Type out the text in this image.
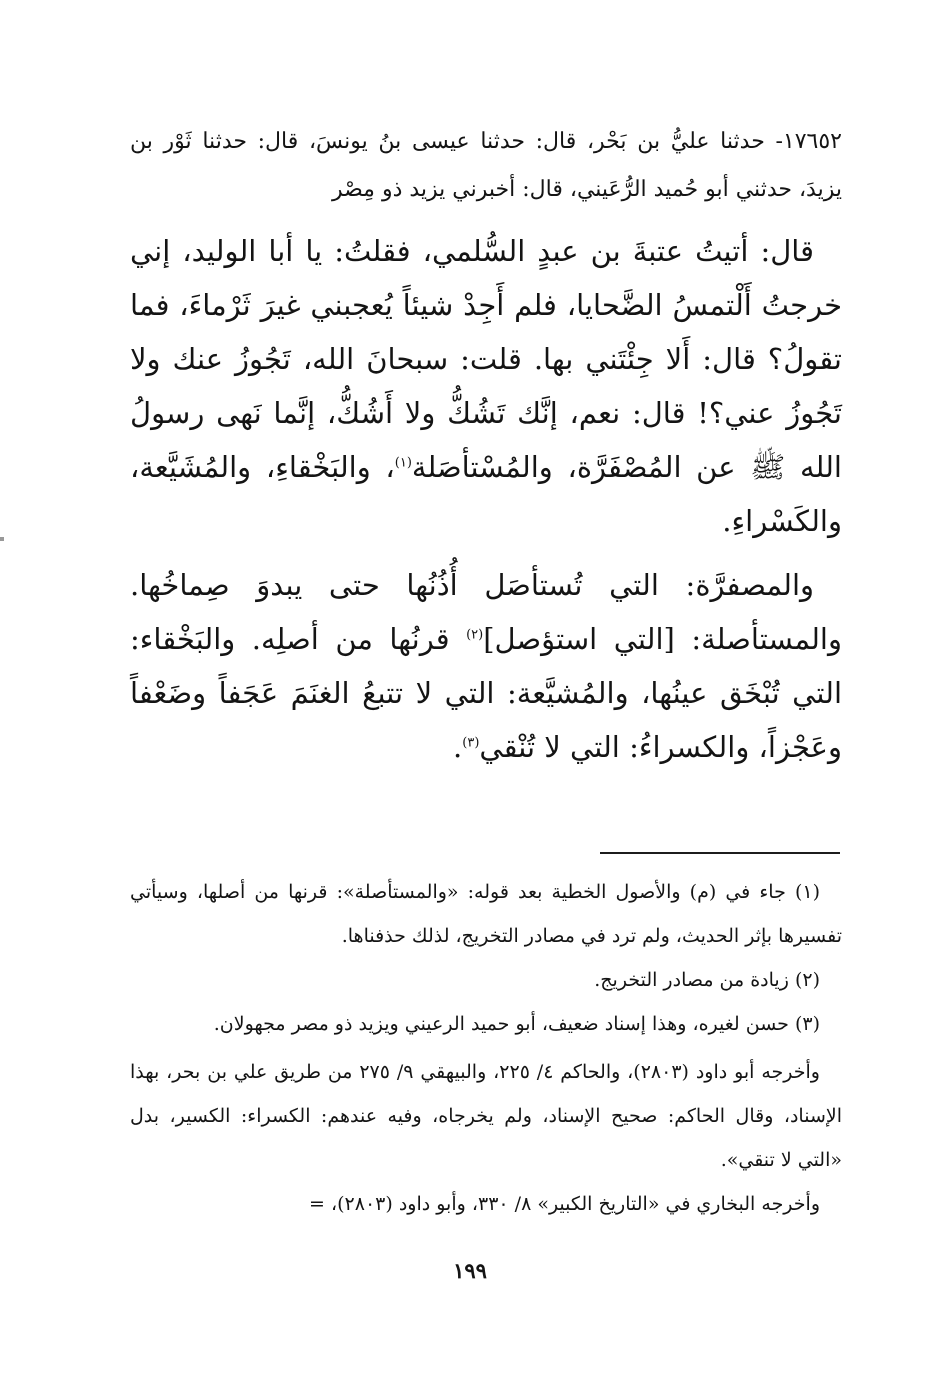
١٧٦٥٢- حدثنا عليُّ بن بَحْر، قال: حدثنا عيسى بنُ يونسَ، قال: حدثنا ثَوْر بن يزيدَ، حدثني أبو حُميد الرُّعَيني، قال: أخبرني يزيد ذو مِصْر

قال: أتيتُ عتبةَ بن عبدٍ السُّلمي، فقلتُ: يا أبا الوليد، إني خرجتُ أَلْتمسُ الضَّحايا، فلم أَجِدْ شيئاً يُعجبني غيرَ ثَرْماءَ، فما تقولُ؟ قال: أَلا جِئْتَني بها. قلت: سبحانَ الله، تَجُوزُ عنك ولا تَجُوزُ عني؟! قال: نعم، إنَّك تَشُكُّ ولا أَشُكُّ، إنَّما نَهى رسولُ الله ﷺ عن المُصْفَرَّة، والمُسْتأصَلة$^{(١)}$، والبَخْقاءِ، والمُشَيَّعة، والكَسْراءِ.

والمصفرَّة: التي تُستأصَل أُذُنُها حتى يبدوَ صِماخُها. والمستأصلة: [التي استؤصل]$^{(٢)}$ قرنُها من أصلِه. والبَخْقاء: التي تُبْخَق عينُها، والمُشيَّعة: التي لا تتبعُ الغنَمَ عَجَفاً وضَعْفاً وعَجْزاً، والكسراءُ: التي لا تُنْقي$^{(٣)}$.

(١) جاء في (م) والأصول الخطية بعد قوله: «والمستأصلة»: قرنها من أصلها، وسيأتي تفسيرها بإثر الحديث، ولم ترد في مصادر التخريج، لذلك حذفناها.

(٢) زيادة من مصادر التخريج.

(٣) حسن لغيره، وهذا إسناد ضعيف، أبو حميد الرعيني ويزيد ذو مصر مجهولان.

وأخرجه أبو داود (٢٨٠٣)، والحاكم ٤/ ٢٢٥، والبيهقي ٩/ ٢٧٥ من طريق علي بن بحر، بهذا الإسناد، وقال الحاكم: صحيح الإسناد، ولم يخرجاه، وفيه عندهم: الكسراء: الكسير، بدل «التي لا تنقي».

وأخرجه البخاري في «التاريخ الكبير» ٨/ ٣٣٠، وأبو داود (٢٨٠٣)، =

١٩٩
